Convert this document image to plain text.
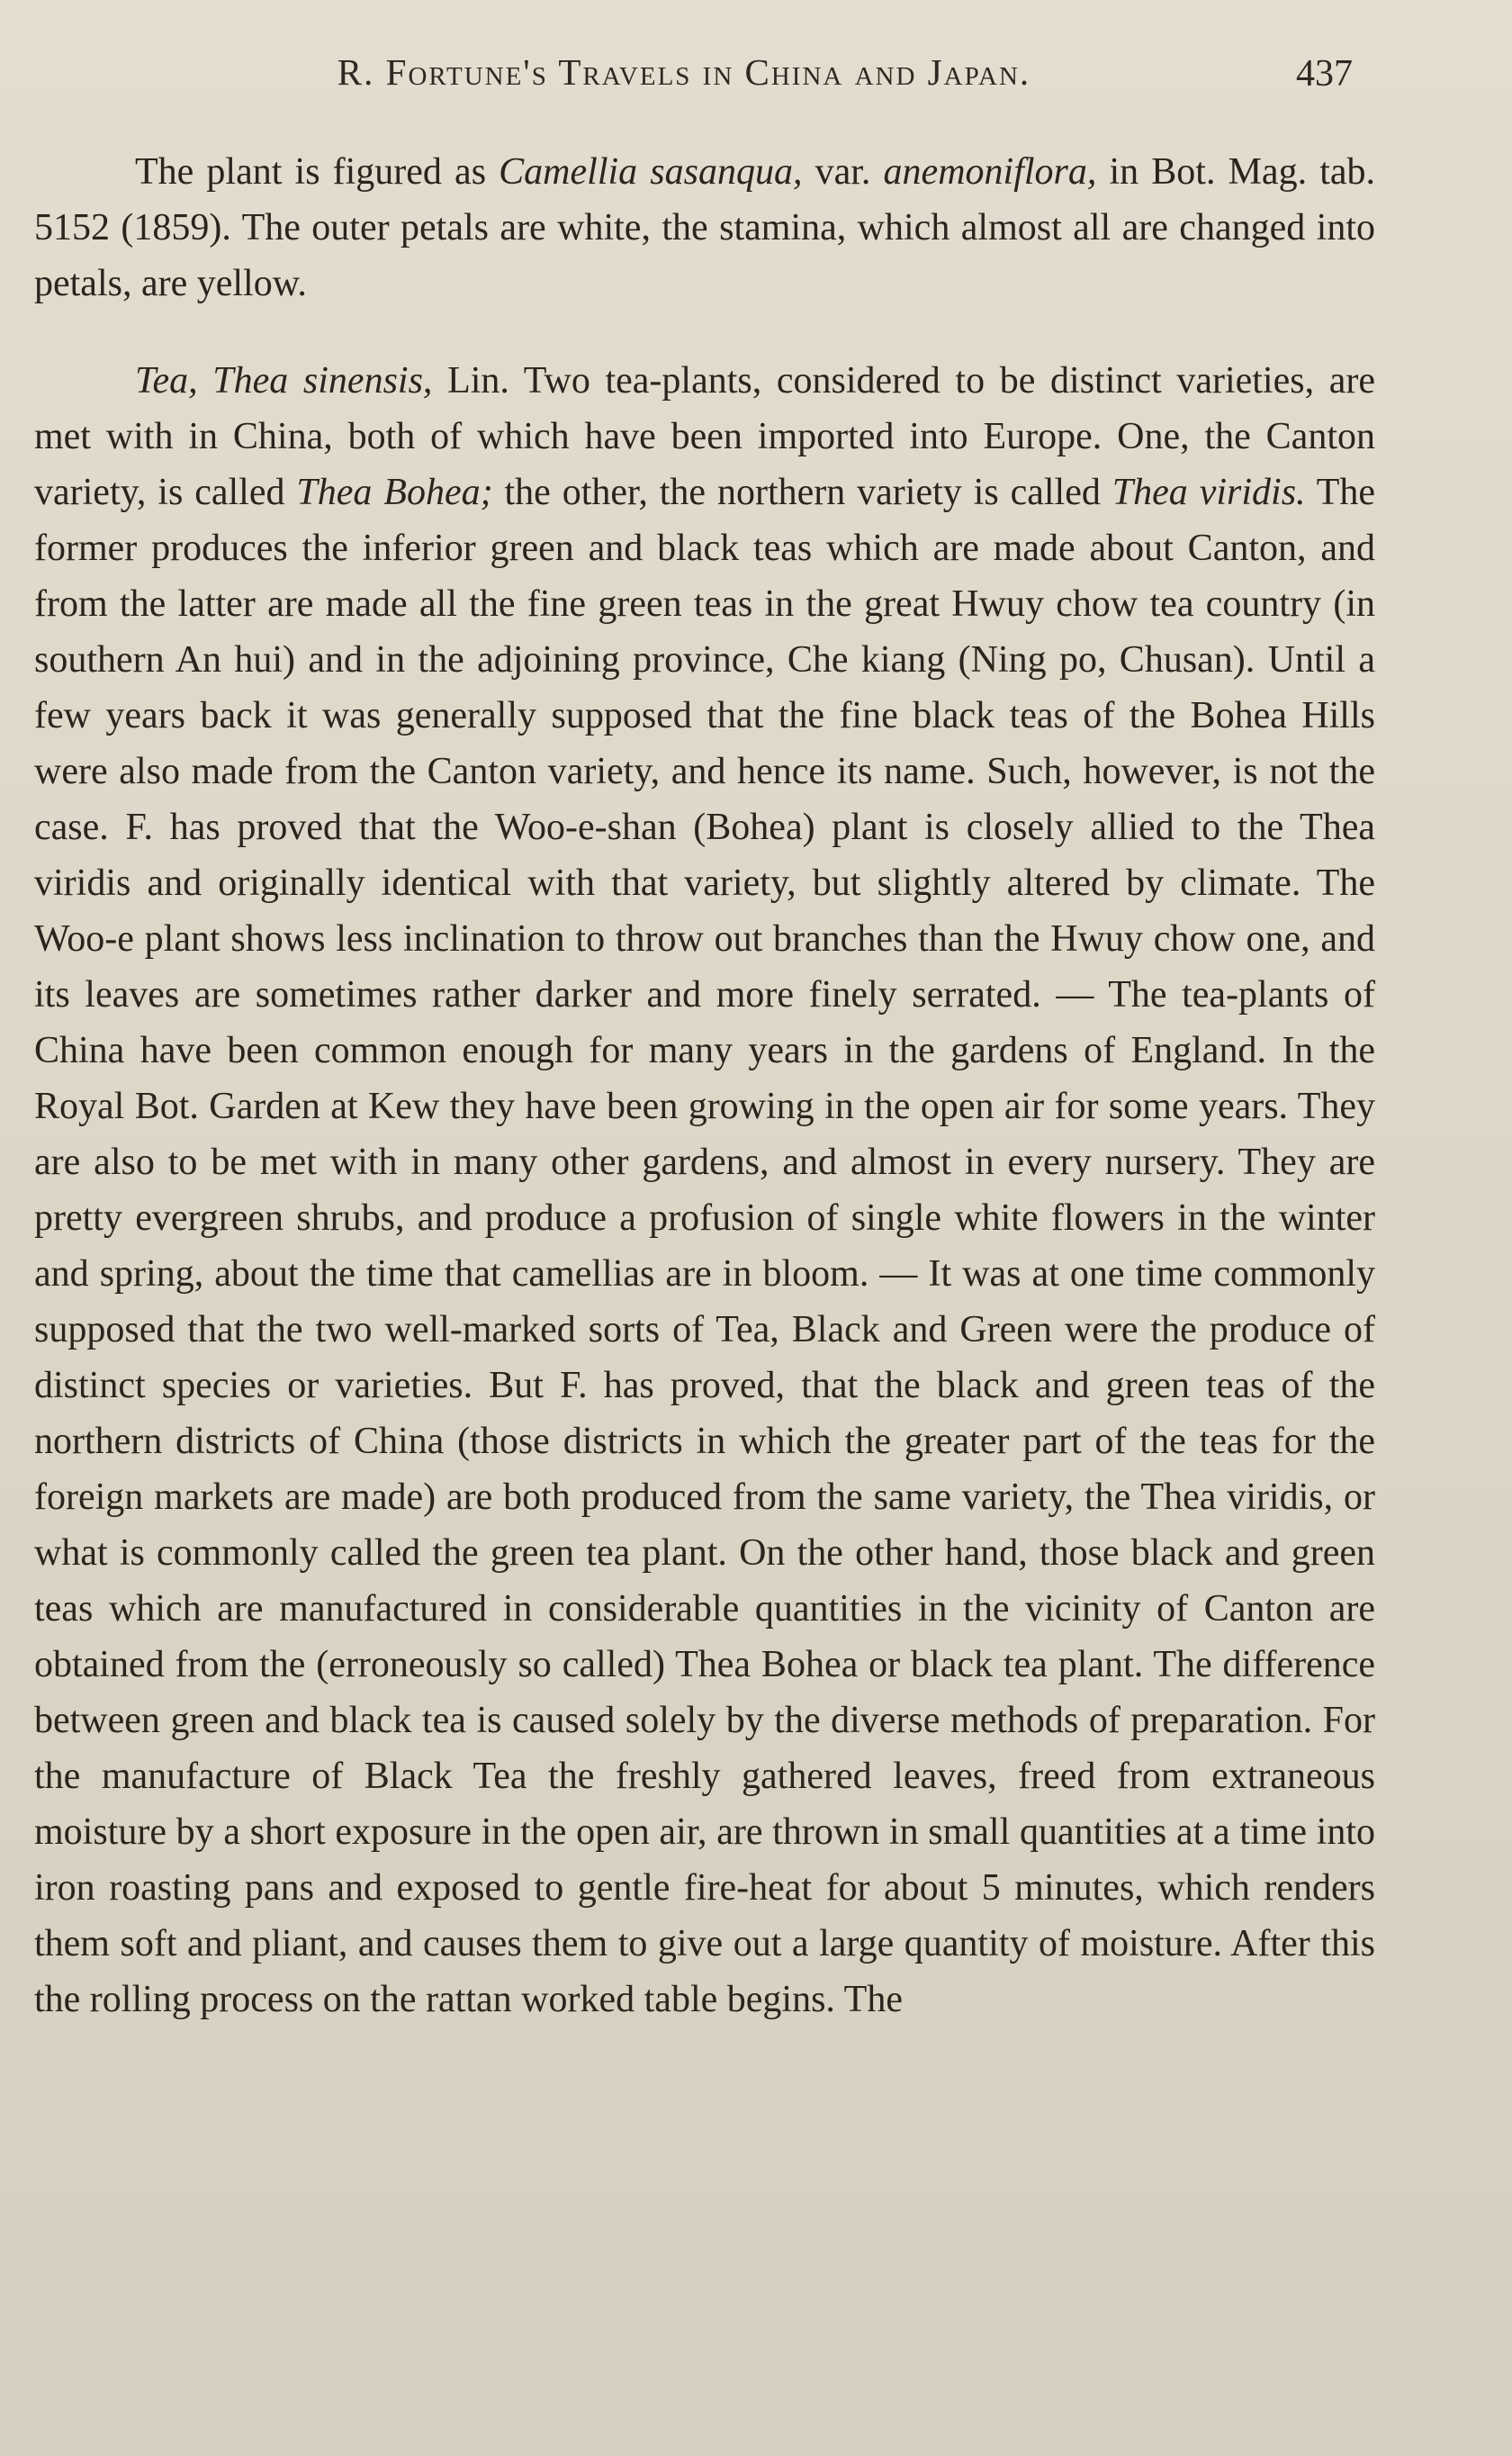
R. Fortune's Travels in China and Japan.	437

The plant is figured as Camellia sasanqua, var. anemoniflora, in Bot. Mag. tab. 5152 (1859). The outer petals are white, the stamina, which almost all are changed into petals, are yellow.

Tea, Thea sinensis, Lin. Two tea-plants, considered to be distinct varieties, are met with in China, both of which have been imported into Europe. One, the Canton variety, is called Thea Bohea; the other, the northern variety is called Thea viridis. The former produces the inferior green and black teas which are made about Canton, and from the latter are made all the fine green teas in the great Hwuy chow tea country (in southern An hui) and in the adjoining province, Che kiang (Ning po, Chusan). Until a few years back it was generally supposed that the fine black teas of the Bohea Hills were also made from the Canton variety, and hence its name. Such, however, is not the case. F. has proved that the Woo-e-shan (Bohea) plant is closely allied to the Thea viridis and originally identical with that variety, but slightly altered by climate. The Woo-e plant shows less inclination to throw out branches than the Hwuy chow one, and its leaves are sometimes rather darker and more finely serrated. — The tea-plants of China have been common enough for many years in the gardens of England. In the Royal Bot. Garden at Kew they have been growing in the open air for some years. They are also to be met with in many other gardens, and almost in every nursery. They are pretty evergreen shrubs, and produce a profusion of single white flowers in the winter and spring, about the time that camellias are in bloom. — It was at one time commonly supposed that the two well-marked sorts of Tea, Black and Green were the produce of distinct species or varieties. But F. has proved, that the black and green teas of the northern districts of China (those districts in which the greater part of the teas for the foreign markets are made) are both produced from the same variety, the Thea viridis, or what is commonly called the green tea plant. On the other hand, those black and green teas which are manufactured in considerable quantities in the vicinity of Canton are obtained from the (erroneously so called) Thea Bohea or black tea plant. The difference between green and black tea is caused solely by the diverse methods of preparation. For the manufacture of Black Tea the freshly gathered leaves, freed from extraneous moisture by a short exposure in the open air, are thrown in small quantities at a time into iron roasting pans and exposed to gentle fire-heat for about 5 minutes, which renders them soft and pliant, and causes them to give out a large quantity of moisture. After this the rolling process on the rattan worked table begins. The
